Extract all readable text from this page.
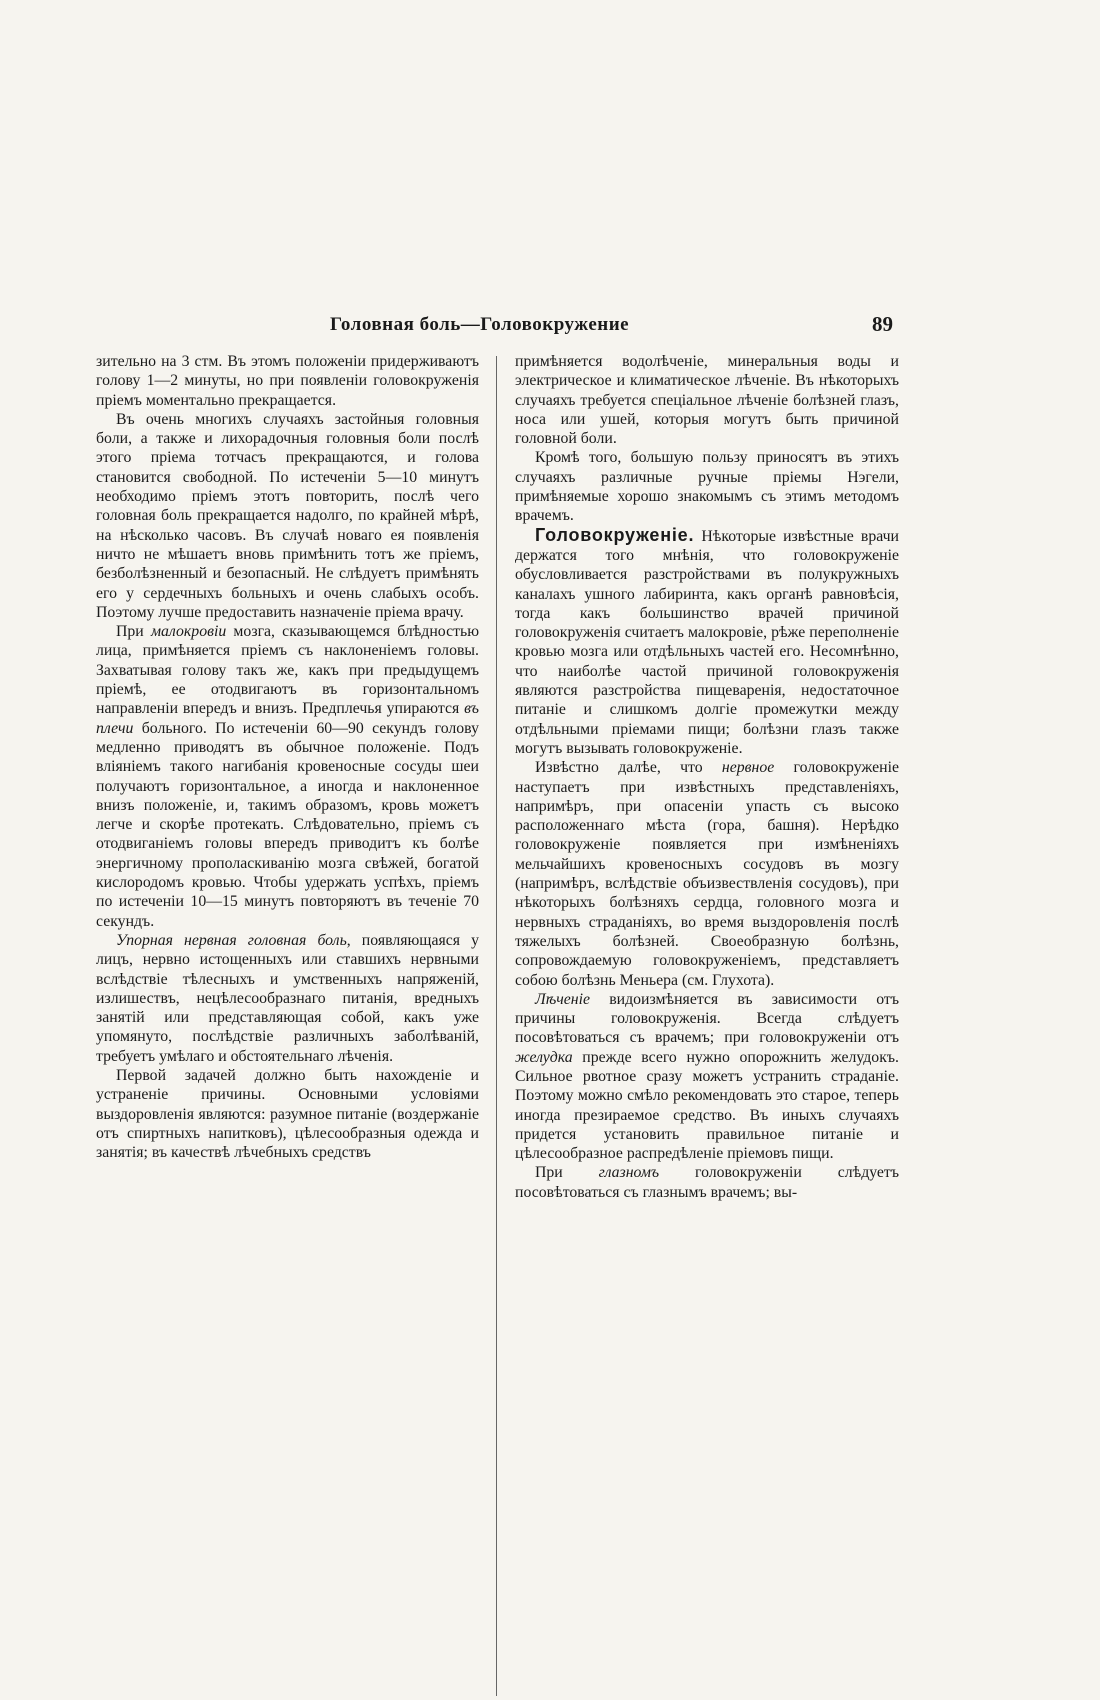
Головная боль—Головокружение	89

зительно на 3 стм. Въ этомъ положеніи придерживаютъ голову 1—2 минуты, но при появленіи головокруженія пріемъ моментально прекращается.

Въ очень многихъ случаяхъ застойныя головныя боли, а также и лихорадочныя головныя боли послѣ этого пріема тотчасъ прекращаются, и голова становится свободной. По истеченіи 5—10 минутъ необходимо пріемъ этотъ повторить, послѣ чего головная боль прекращается надолго, по крайней мѣрѣ, на нѣсколько часовъ. Въ случаѣ новаго ея появленія ничто не мѣшаетъ вновь примѣнить тотъ же пріемъ, безболѣзненный и безопасный. Не слѣдуетъ примѣнять его у сердечныхъ больныхъ и очень слабыхъ особъ. Поэтому лучше предоставить назначеніе пріема врачу.

При малокровіи мозга, сказывающемся блѣдностью лица, примѣняется пріемъ съ наклоненіемъ головы. Захватывая голову такъ же, какъ при предыдущемъ пріемѣ, ее отодвигаютъ въ горизонтальномъ направленіи впередъ и внизъ. Предплечья упираются въ плечи больного. По истеченіи 60—90 секундъ голову медленно приводятъ въ обычное положеніе. Подъ вліяніемъ такого нагибанія кровеносные сосуды шеи получаютъ горизонтальное, а иногда и наклоненное внизъ положеніе, и, такимъ образомъ, кровь можетъ легче и скорѣе протекать. Слѣдовательно, пріемъ съ отодвиганіемъ головы впередъ приводитъ къ болѣе энергичному прополаскиванію мозга свѣжей, богатой кислородомъ кровью. Чтобы удержать успѣхъ, пріемъ по истеченіи 10—15 минутъ повторяютъ въ теченіе 70 секундъ.

Упорная нервная головная боль, появляющаяся у лицъ, нервно истощенныхъ или ставшихъ нервными вслѣдствіе тѣлесныхъ и умственныхъ напряженій, излишествъ, нецѣлесообразнаго питанія, вредныхъ занятій или представляющая собой, какъ уже упомянуто, послѣдствіе различныхъ заболѣваній, требуетъ умѣлаго и обстоятельнаго лѣченія.

Первой задачей должно быть нахожденіе и устраненіе причины. Основными условіями выздоровленія являются: разумное питаніе (воздержаніе отъ спиртныхъ напитковъ), цѣлесообразныя одежда и занятія; въ качествѣ лѣчебныхъ средствъ

примѣняется водолѣченіе, минеральныя воды и электрическое и климатическое лѣченіе. Въ нѣкоторыхъ случаяхъ требуется спеціальное лѣченіе болѣзней глазъ, носа или ушей, которыя могутъ быть причиной головной боли.

Кромѣ того, большую пользу приносятъ въ этихъ случаяхъ различные ручные пріемы Нэгели, примѣняемые хорошо знакомымъ съ этимъ методомъ врачемъ.

Головокруженіе. Нѣкоторые извѣстные врачи держатся того мнѣнія, что головокруженіе обусловливается разстройствами въ полукружныхъ каналахъ ушного лабиринта, какъ органѣ равновѣсія, тогда какъ большинство врачей причиной головокруженія считаетъ малокровіе, рѣже переполненіе кровью мозга или отдѣльныхъ частей его. Несомнѣнно, что наиболѣе частой причиной головокруженія являются разстройства пищеваренія, недостаточное питаніе и слишкомъ долгіе промежутки между отдѣльными пріемами пищи; болѣзни глазъ также могутъ вызывать головокруженіе.

Извѣстно далѣе, что нервное головокруженіе наступаетъ при извѣстныхъ представленіяхъ, напримѣръ, при опасеніи упасть съ высоко расположеннаго мѣста (гора, башня). Нерѣдко головокруженіе появляется при измѣненіяхъ мельчайшихъ кровеносныхъ сосудовъ въ мозгу (напримѣръ, вслѣдствіе объизвествленія сосудовъ), при нѣкоторыхъ болѣзняхъ сердца, головного мозга и нервныхъ страданіяхъ, во время выздоровленія послѣ тяжелыхъ болѣзней. Своеобразную болѣзнь, сопровождаемую головокруженіемъ, представляетъ собою болѣзнь Меньера (см. Глухота).

Лѣченіе видоизмѣняется въ зависимости отъ причины головокруженія. Всегда слѣдуетъ посовѣтоваться съ врачемъ; при головокруженіи отъ желудка прежде всего нужно опорожнить желудокъ. Сильное рвотное сразу можетъ устранить страданіе. Поэтому можно смѣло рекомендовать это старое, теперь иногда презираемое средство. Въ иныхъ случаяхъ придется установить правильное питаніе и цѣлесообразное распредѣленіе пріемовъ пищи.

При глазномъ головокруженіи слѣдуетъ посовѣтоваться съ глазнымъ врачемъ; вы-
